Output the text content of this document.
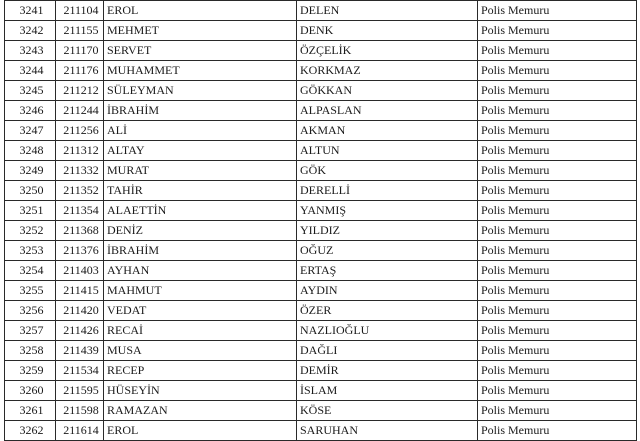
3241	211104	EROL	DELEN	Polis Memuru
3242	211155	MEHMET	DENK	Polis Memuru
3243	211170	SERVET	ÖZÇELİK	Polis Memuru
3244	211176	MUHAMMET	KORKMAZ	Polis Memuru
3245	211212	SÜLEYMAN	GÖKKAN	Polis Memuru
3246	211244	İBRAHİM	ALPASLAN	Polis Memuru
3247	211256	ALİ	AKMAN	Polis Memuru
3248	211312	ALTAY	ALTUN	Polis Memuru
3249	211332	MURAT	GÖK	Polis Memuru
3250	211352	TAHİR	DERELLİ	Polis Memuru
3251	211354	ALAETTİN	YANMIŞ	Polis Memuru
3252	211368	DENİZ	YILDIZ	Polis Memuru
3253	211376	İBRAHİM	OĞUZ	Polis Memuru
3254	211403	AYHAN	ERTAŞ	Polis Memuru
3255	211415	MAHMUT	AYDIN	Polis Memuru
3256	211420	VEDAT	ÖZER	Polis Memuru
3257	211426	RECAİ	NAZLIOĞLU	Polis Memuru
3258	211439	MUSA	DAĞLI	Polis Memuru
3259	211534	RECEP	DEMİR	Polis Memuru
3260	211595	HÜSEYİN	İSLAM	Polis Memuru
3261	211598	RAMAZAN	KÖSE	Polis Memuru
3262	211614	EROL	SARUHAN	Polis Memuru
